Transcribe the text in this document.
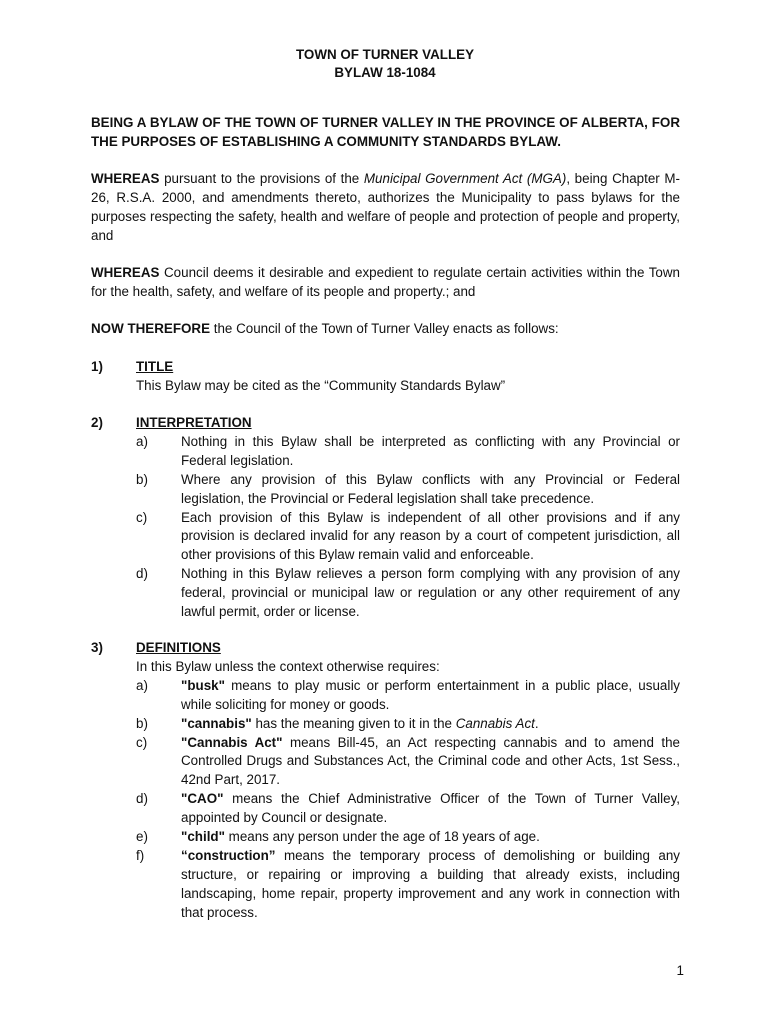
TOWN OF TURNER VALLEY
BYLAW 18-1084
BEING A BYLAW OF THE TOWN OF TURNER VALLEY IN THE PROVINCE OF ALBERTA, FOR THE PURPOSES OF ESTABLISHING A COMMUNITY STANDARDS BYLAW.
WHEREAS pursuant to the provisions of the Municipal Government Act (MGA), being Chapter M-26, R.S.A. 2000, and amendments thereto, authorizes the Municipality to pass bylaws for the purposes respecting the safety, health and welfare of people and protection of people and property, and
WHEREAS Council deems it desirable and expedient to regulate certain activities within the Town for the health, safety, and welfare of its people and property.; and
NOW THEREFORE the Council of the Town of Turner Valley enacts as follows:
1) TITLE
This Bylaw may be cited as the “Community Standards Bylaw”
2) INTERPRETATION
a) Nothing in this Bylaw shall be interpreted as conflicting with any Provincial or Federal legislation.
b) Where any provision of this Bylaw conflicts with any Provincial or Federal legislation, the Provincial or Federal legislation shall take precedence.
c)	Each provision of this Bylaw is independent of all other provisions and if any provision is declared invalid for any reason by a court of competent jurisdiction, all other provisions of this Bylaw remain valid and enforceable.
d) Nothing in this Bylaw relieves a person form complying with any provision of any federal, provincial or municipal law or regulation or any other requirement of any lawful permit, order or license.
3) DEFINITIONS
In this Bylaw unless the context otherwise requires:
a) "busk" means to play music or perform entertainment in a public place, usually while soliciting for money or goods.
b) "cannabis" has the meaning given to it in the Cannabis Act.
c)	"Cannabis Act" means Bill-45, an Act respecting cannabis and to amend the Controlled Drugs and Substances Act, the Criminal code and other Acts, 1st Sess., 42nd Part, 2017.
d) "CAO" means the Chief Administrative Officer of the Town of Turner Valley, appointed by Council or designate.
e) "child" means any person under the age of 18 years of age.
f)	“construction” means the temporary process of demolishing or building any structure, or repairing or improving a building that already exists, including landscaping, home repair, property improvement and any work in connection with that process.
1
